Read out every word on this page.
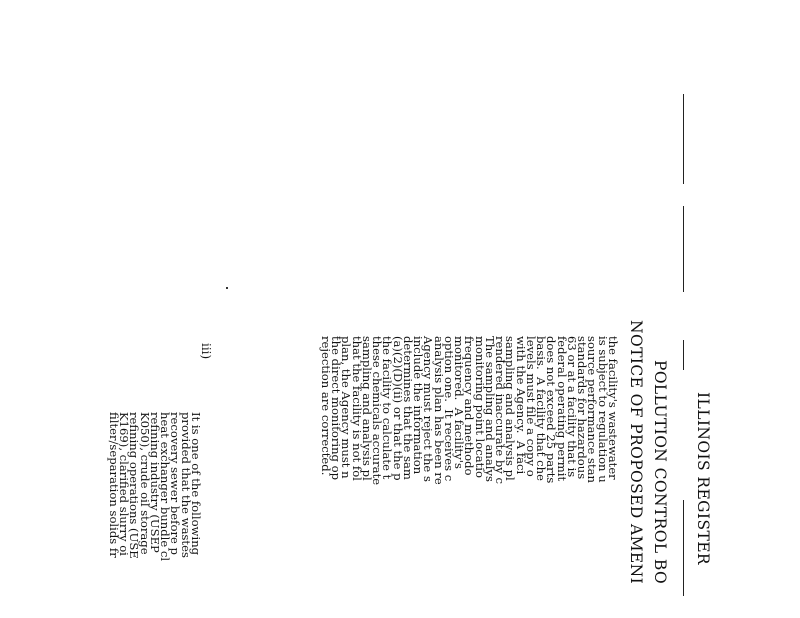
ILLINOIS REGISTER
POLLUTION CONTROL BO
NOTICE OF PROPOSED AMENI
the facility's wastewater
is subject to regulation u
source performance stan
standards for hazardous
63 or at a facility that is
federal operating permit
does not exceed 25 parts
basis.  A facility that che
levels must file a copy o
with the Agency.  A faci
sampling and analysis pl
rendered inaccurate by c
The sampling and analys
monitoring point locatio
frequency and methodo
monitored.  A facility's
option one.  It receives c
analysis plan has been re
Agency must reject the s
include the information
determines that the sam
(a)(2)(D)(ii) or that the p
the facility to calculate t
these chemicals accurate
sampling and analysis pl
that the facility is not fol
plan, the Agency must n
the direct monitoring op
rejection are corrected.
iii)
It is one of the following
provided that the wastes
recovery sewer before p
heat exchanger bundle cl
refining industry (USEP
K050), crude oil storage
refining operations (USE
K169), clarified slurry oi
filter/separation solids fr
